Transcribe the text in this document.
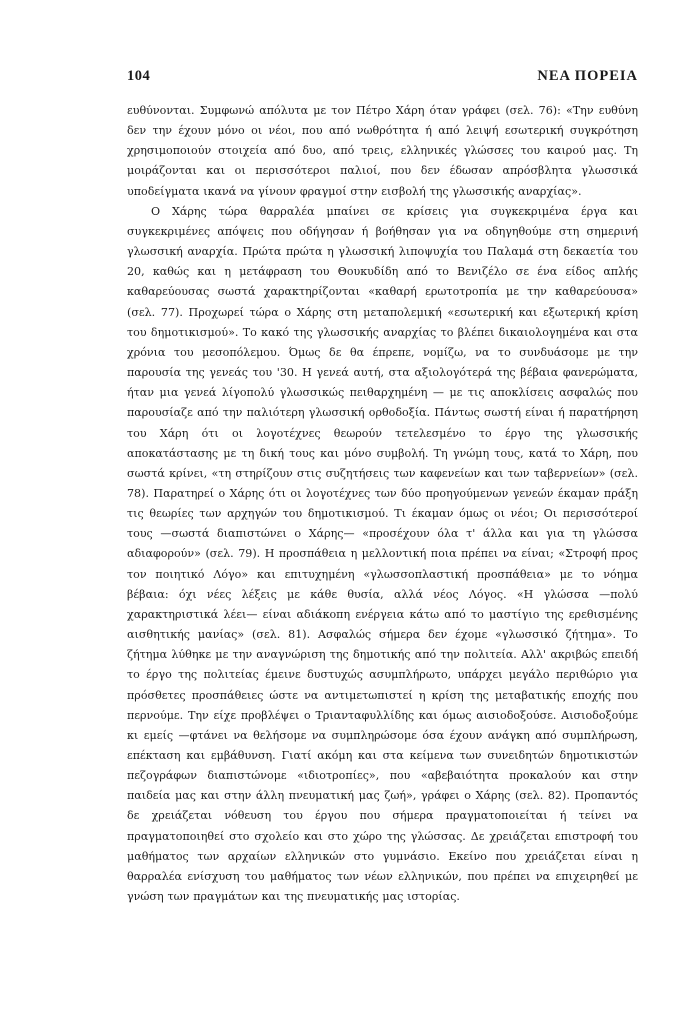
104	ΝΕΑ ΠΟΡΕΙΑ

ευθύνονται. Συμφωνώ απόλυτα με τον Πέτρο Χάρη όταν γράφει (σελ. 76): «Την ευθύνη δεν την έχουν μόνο οι νέοι, που από νωθρότητα ή από λειψή εσωτερική συγκρότηση χρησιμοποιούν στοιχεία από δυο, από τρεις, ελληνικές γλώσσες του καιρού μας. Τη μοιράζονται και οι περισσότεροι παλιοί, που δεν έδωσαν απρόσβλητα γλωσσικά υποδείγματα ικανά να γίνουν φραγμοί στην εισβολή της γλωσσικής αναρχίας».

Ο Χάρης τώρα θαρραλέα μπαίνει σε κρίσεις για συγκεκριμένα έργα και συγκεκριμένες απόψεις που οδήγησαν ή βοήθησαν για να οδηγηθούμε στη σημερινή γλωσσική αναρχία. Πρώτα πρώτα η γλωσσική λιποψυχία του Παλαμά στη δεκαετία του 20, καθώς και η μετάφραση του Θουκυδίδη από το Βενιζέλο σε ένα είδος απλής καθαρεύουσας σωστά χαρακτηρίζονται «καθαρή ερωτοτροπία με την καθαρεύουσα» (σελ. 77). Προχωρεί τώρα ο Χάρης στη μεταπολεμική «εσωτερική και εξωτερική κρίση του δημοτικισμού». Το κακό της γλωσσικής αναρχίας το βλέπει δικαιολογημένα και στα χρόνια του μεσοπόλεμου. Όμως δε θα έπρεπε, νομίζω, να το συνδυάσομε με την παρουσία της γενεάς του '30. Η γενεά αυτή, στα αξιολογότερά της βέβαια φανερώματα, ήταν μια γενεά λίγοπολύ γλωσσικώς πειθαρχημένη — με τις αποκλίσεις ασφαλώς που παρουσίαζε από την παλιότερη γλωσσική ορθοδοξία. Πάντως σωστή είναι ή παρατήρηση του Χάρη ότι οι λογοτέχνες θεωρούν τετελεσμένο το έργο της γλωσσικής αποκατάστασης με τη δική τους και μόνο συμβολή. Τη γνώμη τους, κατά το Χάρη, που σωστά κρίνει, «τη στηρίζουν στις συζητήσεις των καφενείων και των ταβερνείων» (σελ. 78). Παρατηρεί ο Χάρης ότι οι λογοτέχνες των δύο προηγούμενων γενεών έκαμαν πράξη τις θεωρίες των αρχηγών του δημοτικισμού. Τι έκαμαν όμως οι νέοι; Οι περισσότεροί τους —σωστά διαπιστώνει ο Χάρης— «προσέχουν όλα τ' άλλα και για τη γλώσσα αδιαφορούν» (σελ. 79). Η προσπάθεια η μελλοντική ποια πρέπει να είναι; «Στροφή προς τον ποιητικό Λόγο» και επιτυχημένη «γλωσσοπλαστική προσπάθεια» με το νόημα βέβαια: όχι νέες λέξεις με κάθε θυσία, αλλά νέος Λόγος. «Η γλώσσα —πολύ χαρακτηριστικά λέει— είναι αδιάκοπη ενέργεια κάτω από το μαστίγιο της ερεθισμένης αισθητικής μανίας» (σελ. 81). Ασφαλώς σήμερα δεν έχομε «γλωσσικό ζήτημα». Το ζήτημα λύθηκε με την αναγνώριση της δημοτικής από την πολιτεία. Αλλ' ακριβώς επειδή το έργο της πολιτείας έμεινε δυστυχώς ασυμπλήρωτο, υπάρχει μεγάλο περιθώριο για πρόσθετες προσπάθειες ώστε να αντιμετωπιστεί η κρίση της μεταβατικής εποχής που περνούμε. Την είχε προβλέψει ο Τριανταφυλλίδης και όμως αισιοδοξούσε. Αισιοδοξούμε κι εμείς —φτάνει να θελήσομε να συμπληρώσομε όσα έχουν ανάγκη από συμπλήρωση, επέκταση και εμβάθυνση. Γιατί ακόμη και στα κείμενα των συνειδητών δημοτικιστών πεζογράφων διαπιστώνομε «ιδιοτροπίες», που «αβεβαιότητα προκαλούν και στην παιδεία μας και στην άλλη πνευματική μας ζωή», γράφει ο Χάρης (σελ. 82). Προπαντός δε χρειάζεται νόθευση του έργου που σήμερα πραγματοποιείται ή τείνει να πραγματοποιηθεί στο σχολείο και στο χώρο της γλώσσας. Δε χρειάζεται επιστροφή του μαθήματος των αρχαίων ελληνικών στο γυμνάσιο. Εκείνο που χρειάζεται είναι η θαρραλέα ενίσχυση του μαθήματος των νέων ελληνικών, που πρέπει να επιχειρηθεί με γνώση των πραγμάτων και της πνευματικής μας ιστορίας.
